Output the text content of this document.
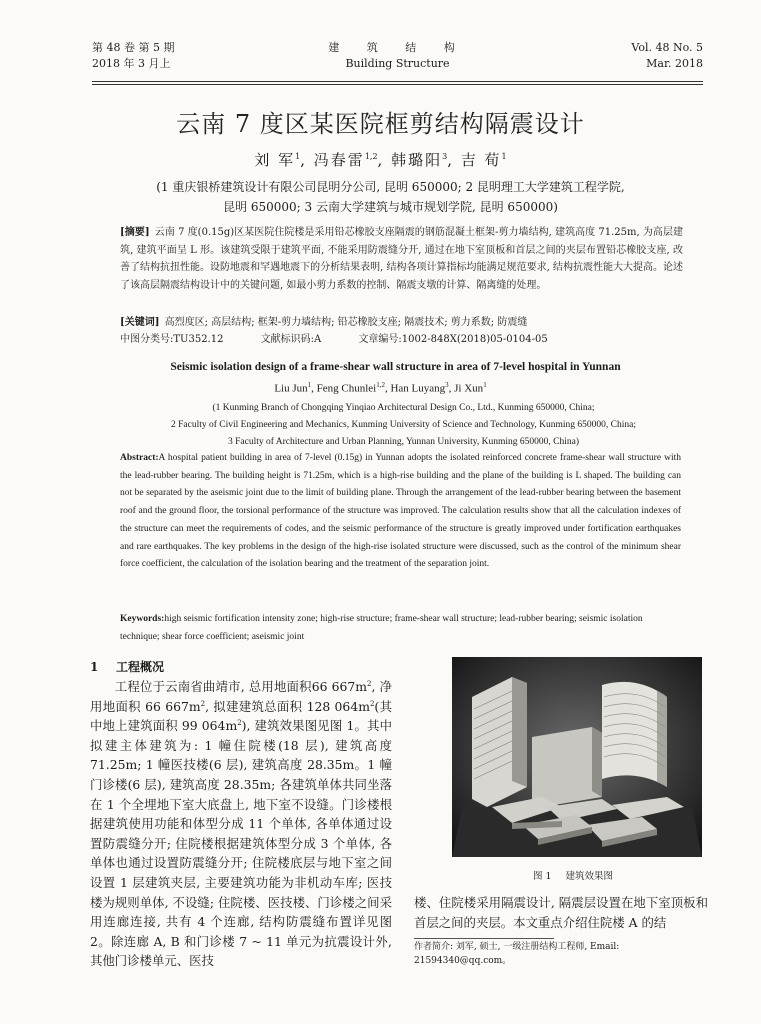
第 48 卷 第 5 期
2018 年 3 月上
建 筑 结 构
Building Structure
Vol. 48 No. 5
Mar. 2018
云南 7 度区某医院框剪结构隔震设计
刘 军$^1$, 冯春雷$^{1,2}$, 韩璐阳$^3$, 吉 荀$^1$
(1 重庆银桥建筑设计有限公司昆明分公司, 昆明 650000; 2 昆明理工大学建筑工程学院,
昆明 650000; 3 云南大学建筑与城市规划学院, 昆明 650000)
[摘要] 云南 7 度(0.15g)区某医院住院楼是采用铅芯橡胶支座隔震的钢筋混凝土框架-剪力墙结构, 建筑高度 71.25m, 为高层建筑, 建筑平面呈 L 形。该建筑受限于建筑平面, 不能采用防震缝分开, 通过在地下室顶板和首层之间的夹层布置铅芯橡胶支座, 改善了结构抗扭性能。设防地震和罕遇地震下的分析结果表明, 结构各项计算指标均能满足规范要求, 结构抗震性能大大提高。论述了该高层隔震结构设计中的关键问题, 如最小剪力系数的控制、隔震支墩的计算、隔离缝的处理。
[关键词] 高烈度区; 高层结构; 框架-剪力墙结构; 铅芯橡胶支座; 隔震技术; 剪力系数; 防震缝
中图分类号:TU352.12	文献标识码:A	文章编号:1002-848X(2018)05-0104-05
Seismic isolation design of a frame-shear wall structure in area of 7-level hospital in Yunnan
Liu Jun$^1$, Feng Chunlei$^{1,2}$, Han Luyang$^3$, Ji Xun$^1$
(1 Kunming Branch of Chongqing Yinqiao Architectural Design Co., Ltd., Kunming 650000, China;
2 Faculty of Civil Engineering and Mechanics, Kunming University of Science and Technology, Kunming 650000, China;
3 Faculty of Architecture and Urban Planning, Yunnan University, Kunming 650000, China)
Abstract:A hospital patient building in area of 7-level (0.15g) in Yunnan adopts the isolated reinforced concrete frame-shear wall structure with the lead-rubber bearing. The building height is 71.25m, which is a high-rise building and the plane of the building is L shaped. The building can not be separated by the aseismic joint due to the limit of building plane. Through the arrangement of the lead-rubber bearing between the basement roof and the ground floor, the torsional performance of the structure was improved. The calculation results show that all the calculation indexes of the structure can meet the requirements of codes, and the seismic performance of the structure is greatly improved under fortification earthquakes and rare earthquakes. The key problems in the design of the high-rise isolated structure were discussed, such as the control of the minimum shear force coefficient, the calculation of the isolation bearing and the treatment of the separation joint.
Keywords:high seismic fortification intensity zone; high-rise structure; frame-shear wall structure; lead-rubber bearing; seismic isolation technique; shear force coefficient; aseismic joint
1 工程概况
工程位于云南省曲靖市, 总用地面积66 $667m^2$, 净用地面积 66 $667m^2$, 拟建建筑总面积 128 $064m^2$(其中地上建筑面积 99 $064m^2$), 建筑效果图见图 1。其中拟建主体建筑为: 1 幢住院楼(18 层), 建筑高度 71.25m; 1 幢医技楼(6 层), 建筑高度 28.35m。1 幢门诊楼(6 层), 建筑高度 28.35m; 各建筑单体共同坐落在 1 个全埋地下室大底盘上, 地下室不设缝。门诊楼根据建筑使用功能和体型分成 11 个单体, 各单体通过设置防震缝分开; 住院楼根据建筑体型分成 3 个单体, 各单体也通过设置防震缝分开; 住院楼底层与地下室之间设置 1 层建筑夹层, 主要建筑功能为非机动车库; 医技楼为规则单体, 不设缝; 住院楼、医技楼、门诊楼之间采用连廊连接, 共有 4 个连廊, 结构防震缝布置详见图 2。除连廊 A, B 和门诊楼 7 ~ 11 单元为抗震设计外, 其他门诊楼单元、医技
图 1 建筑效果图
楼、住院楼采用隔震设计, 隔震层设置在地下室顶板和首层之间的夹层。本文重点介绍住院楼 A 的结
作者简介: 刘军, 硕士, 一级注册结构工程师, Email: 21594340@qq.com。
